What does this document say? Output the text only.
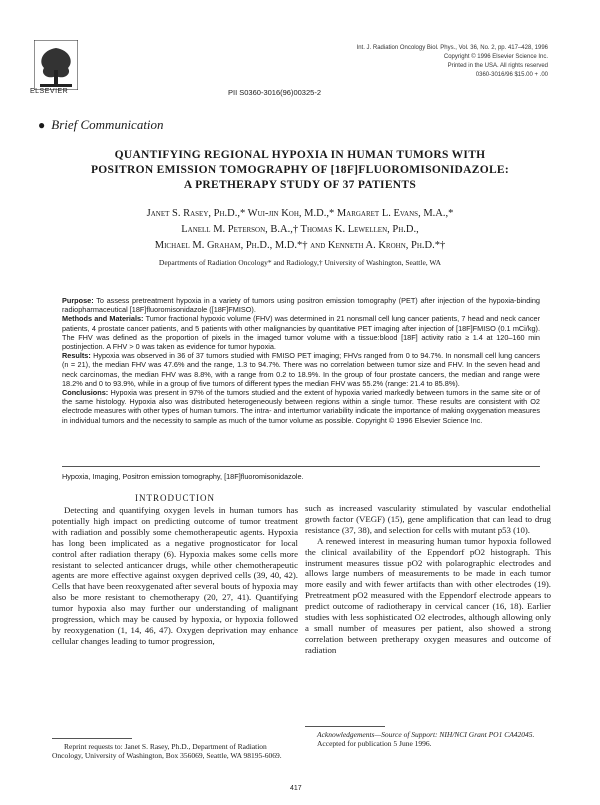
ELSEVIER
Int. J. Radiation Oncology Biol. Phys., Vol. 36, No. 2, pp. 417–428, 1996
Copyright © 1996 Elsevier Science Inc.
Printed in the USA. All rights reserved
0360-3016/96 $15.00 + .00
PII S0360-3016(96)00325-2
● Brief Communication
QUANTIFYING REGIONAL HYPOXIA IN HUMAN TUMORS WITH
POSITRON EMISSION TOMOGRAPHY OF [18F]FLUOROMISONIDAZOLE:
A PRETHERAPY STUDY OF 37 PATIENTS
Janet S. Rasey, Ph.D.,* Wui-jin Koh, M.D.,* Margaret L. Evans, M.A.,*
Lanell M. Peterson, B.A.,† Thomas K. Lewellen, Ph.D.,
Michael M. Graham, Ph.D., M.D.*† and Kenneth A. Krohn, Ph.D.*†
Departments of Radiation Oncology* and Radiology,† University of Washington, Seattle, WA

Purpose: To assess pretreatment hypoxia in a variety of tumors using positron emission tomography (PET) after injection of the hypoxia-binding radiopharmaceutical [18F]fluoromisonidazole ([18F]FMISO).

Methods and Materials: Tumor fractional hypoxic volume (FHV) was determined in 21 nonsmall cell lung cancer patients, 7 head and neck cancer patients, 4 prostate cancer patients, and 5 patients with other malignancies by quantitative PET imaging after injection of [18F]FMISO (0.1 mCi/kg). The FHV was defined as the proportion of pixels in the imaged tumor volume with a tissue:blood [18F] activity ratio ≥ 1.4 at 120–160 min postinjection. A FHV > 0 was taken as evidence for tumor hypoxia.

Results: Hypoxia was observed in 36 of 37 tumors studied with FMISO PET imaging; FHVs ranged from 0 to 94.7%. In nonsmall cell lung cancers (n = 21), the median FHV was 47.6% and the range, 1.3 to 94.7%. There was no correlation between tumor size and FHV. In the seven head and neck carcinomas, the median FHV was 8.8%, with a range from 0.2 to 18.9%. In the group of four prostate cancers, the median and range were 18.2% and 0 to 93.9%, while in a group of five tumors of different types the median FHV was 55.2% (range: 21.4 to 85.8%).

Conclusions: Hypoxia was present in 97% of the tumors studied and the extent of hypoxia varied markedly between tumors in the same site or of the same histology. Hypoxia also was distributed heterogeneously between regions within a single tumor. These results are consistent with O2 electrode measures with other types of human tumors. The intra- and intertumor variability indicate the importance of making oxygenation measures in individual tumors and the necessity to sample as much of the tumor volume as possible. Copyright © 1996 Elsevier Science Inc.

Hypoxia, Imaging, Positron emission tomography, [18F]fluoromisonidazole.
INTRODUCTION

Detecting and quantifying oxygen levels in human tumors has potentially high impact on predicting outcome of tumor treatment with radiation and possibly some chemotherapeutic agents. Hypoxia has long been implicated as a negative prognosticator for local control after radiation therapy (6). Hypoxia makes some cells more resistant to selected anticancer drugs, while other chemotherapeutic agents are more effective against oxygen deprived cells (39, 40, 42). Cells that have been reoxygenated after several bouts of hypoxia may also be more resistant to chemotherapy (20, 27, 41). Quantifying tumor hypoxia also may further our understanding of malignant progression, which may be caused by hypoxia, or hypoxia followed by reoxygenation (1, 14, 46, 47). Oxygen deprivation may enhance cellular changes leading to tumor progression,

such as increased vascularity stimulated by vascular endothelial growth factor (VEGF) (15), gene amplification that can lead to drug resistance (37, 38), and selection for cells with mutant p53 (10).

A renewed interest in measuring human tumor hypoxia followed the clinical availability of the Eppendorf pO2 histograph. This instrument measures tissue pO2 with polarographic electrodes and allows large numbers of measurements to be made in each tumor more easily and with fewer artifacts than with other electrodes (19). Pretreatment pO2 measured with the Eppendorf electrode appears to predict outcome of radiotherapy in cervical cancer (16, 18). Earlier studies with less sophisticated O2 electrodes, although allowing only a small number of measures per patient, also showed a strong correlation between pretherapy oxygen measures and outcome of radiation

Reprint requests to: Janet S. Rasey, Ph.D., Department of Radiation Oncology, University of Washington, Box 356069, Seattle, WA 98195-6069.

Acknowledgements—Source of Support: NIH/NCI Grant PO1 CA42045.

Accepted for publication 5 June 1996.

417
